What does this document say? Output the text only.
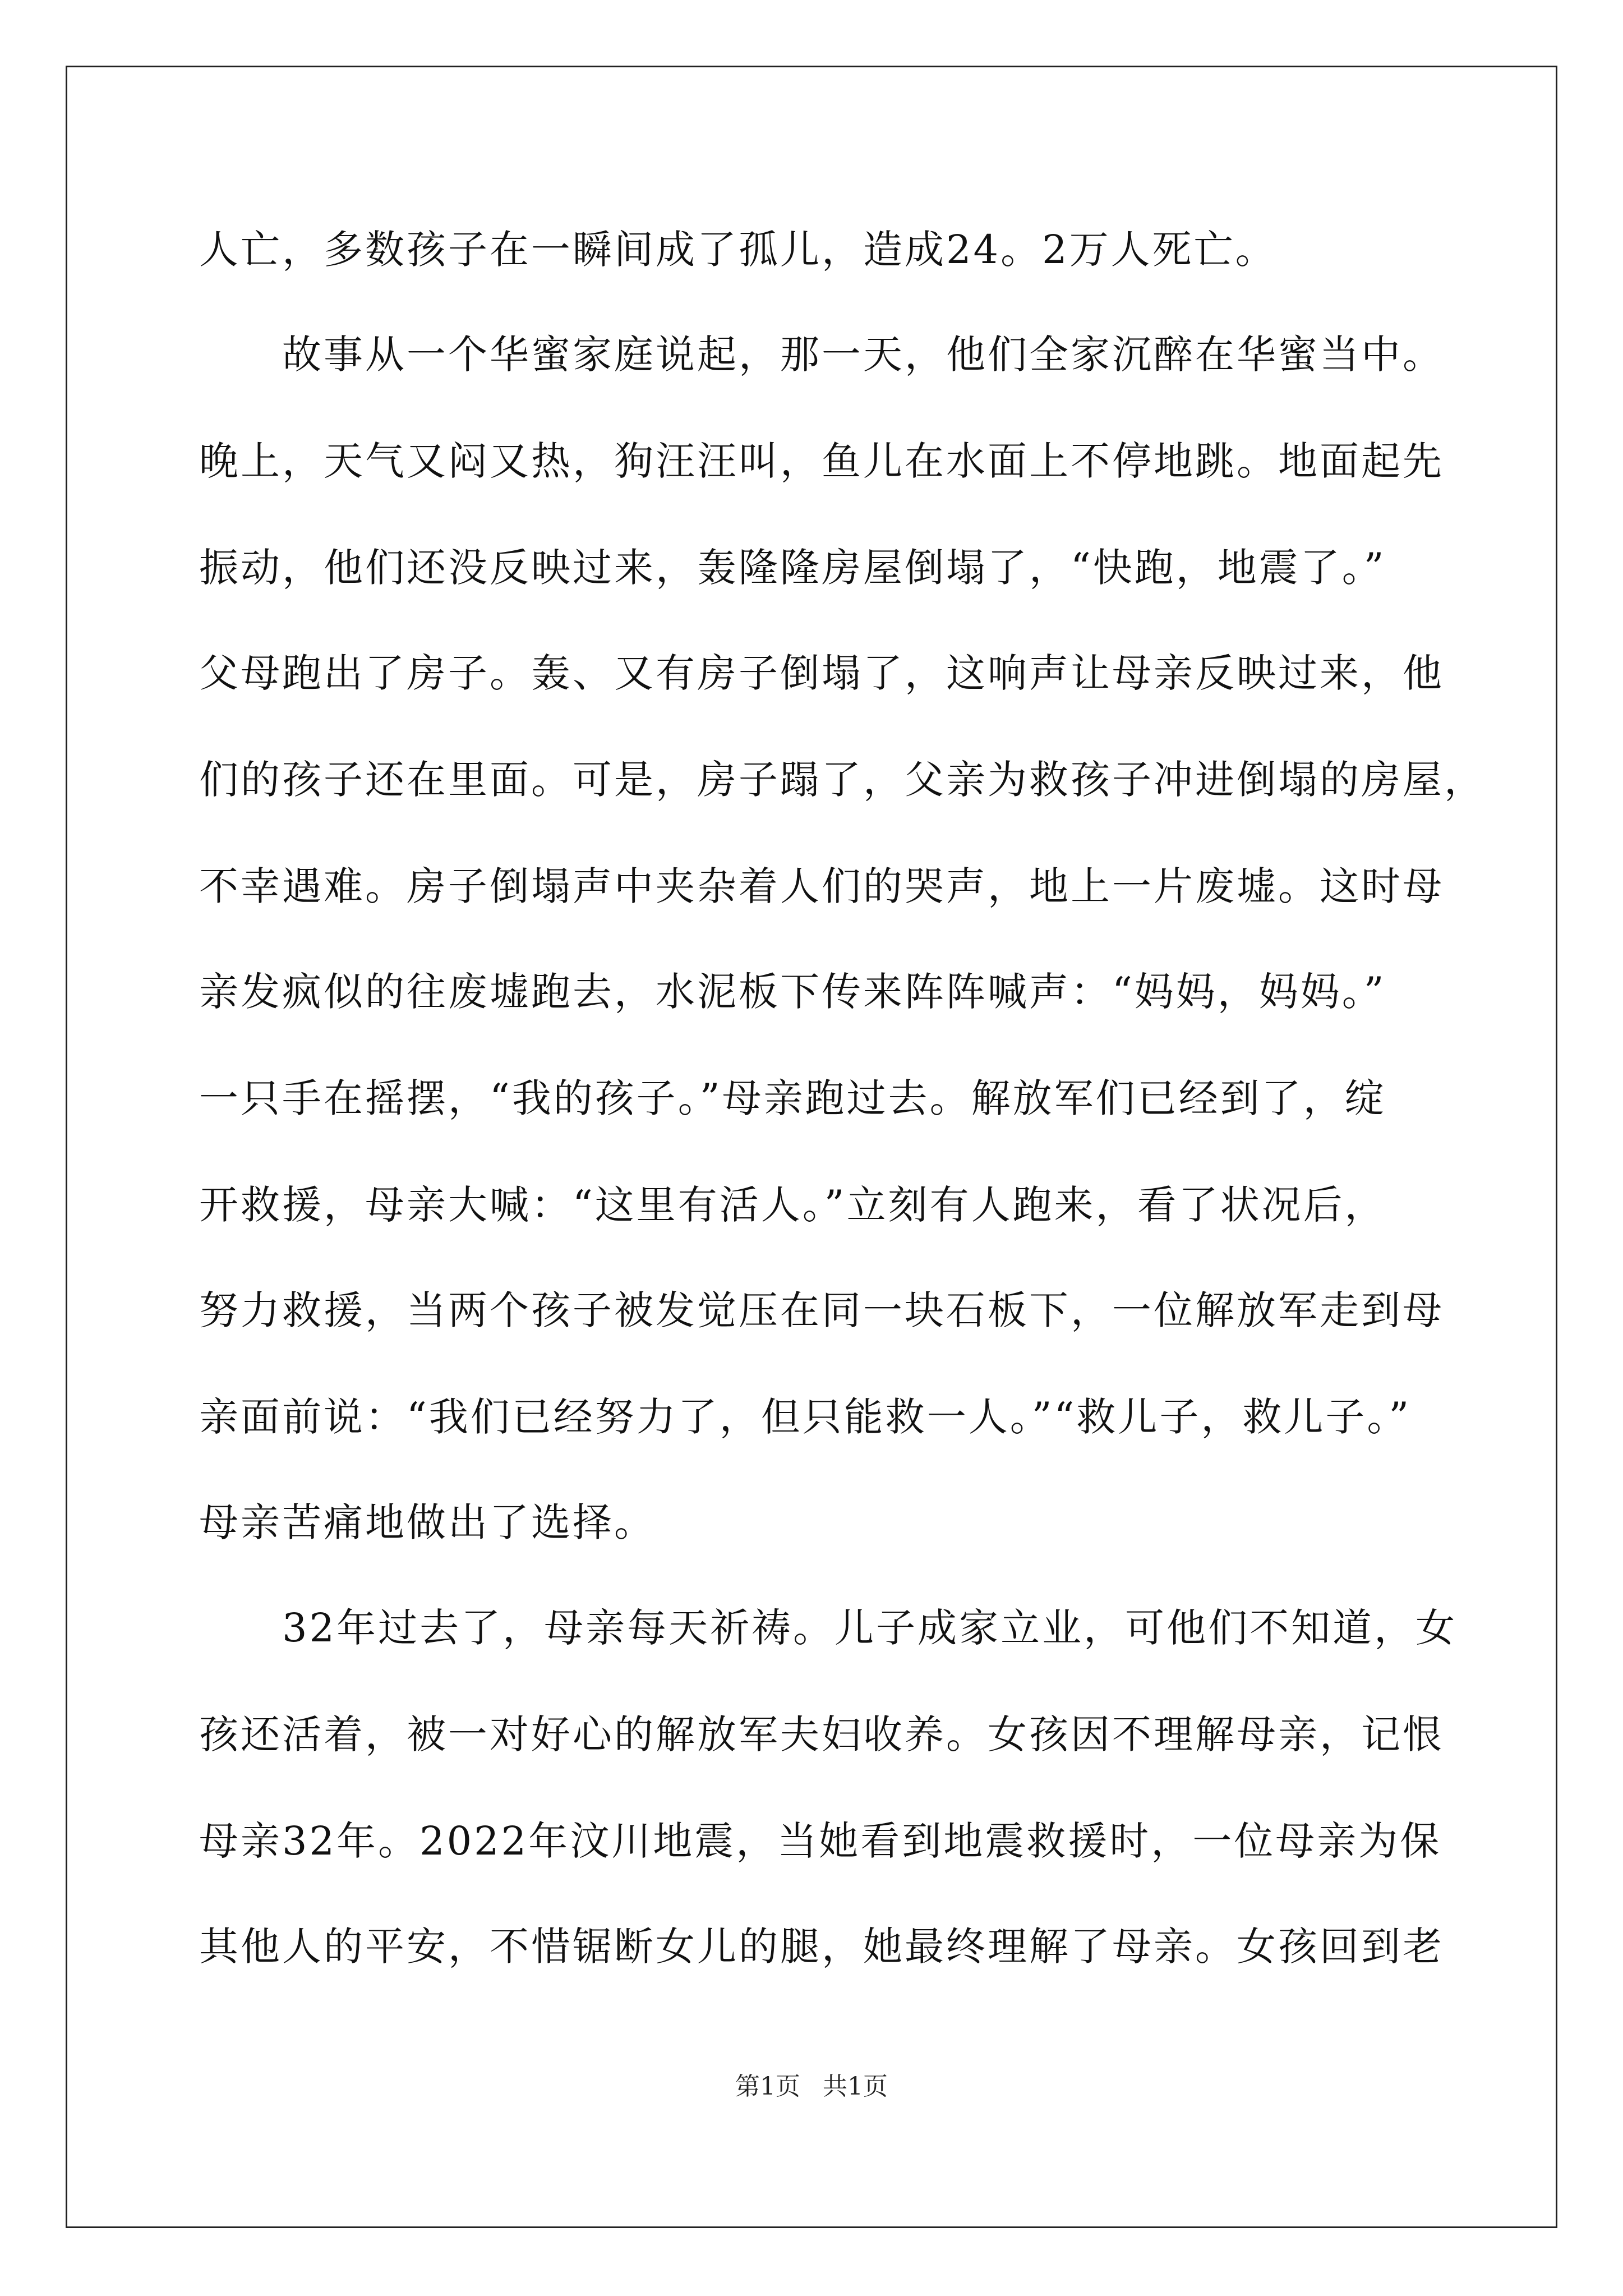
人亡，多数孩子在一瞬间成了孤儿，造成24。2万人死亡。
　　故事从一个华蜜家庭说起，那一天，他们全家沉醉在华蜜当中。
晚上，天气又闷又热，狗汪汪叫，鱼儿在水面上不停地跳。地面起先
振动，他们还没反映过来，轰隆隆房屋倒塌了，“快跑，地震了。”
父母跑出了房子。轰、又有房子倒塌了，这响声让母亲反映过来，他
们的孩子还在里面。可是，房子蹋了，父亲为救孩子冲进倒塌的房屋，
不幸遇难。房子倒塌声中夹杂着人们的哭声，地上一片废墟。这时母
亲发疯似的往废墟跑去，水泥板下传来阵阵喊声：“妈妈，妈妈。”
一只手在摇摆，“我的孩子。”母亲跑过去。解放军们已经到了，绽
开救援，母亲大喊：“这里有活人。”立刻有人跑来，看了状况后，
努力救援，当两个孩子被发觉压在同一块石板下，一位解放军走到母
亲面前说：“我们已经努力了，但只能救一人。”“救儿子，救儿子。”
母亲苦痛地做出了选择。
　　32年过去了，母亲每天祈祷。儿子成家立业，可他们不知道，女
孩还活着，被一对好心的解放军夫妇收养。女孩因不理解母亲，记恨
母亲32年。2022年汶川地震，当她看到地震救援时，一位母亲为保
其他人的平安，不惜锯断女儿的腿，她最终理解了母亲。女孩回到老
第1页 共1页
